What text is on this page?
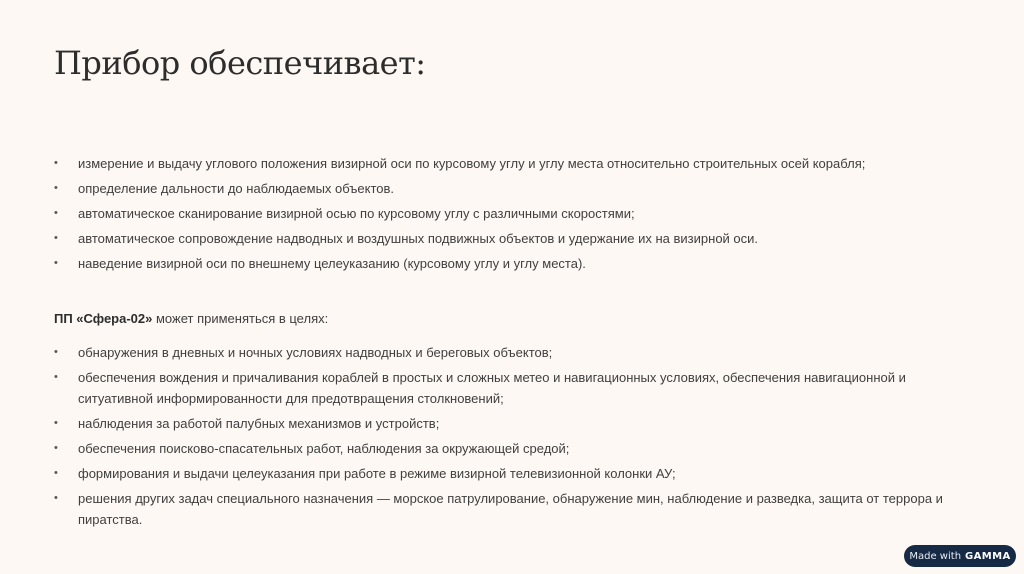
Прибор обеспечивает:
• измерение и выдачу углового положения визирной оси по курсовому углу и углу места относительно строительных осей корабля;
• определение дальности до наблюдаемых объектов.
• автоматическое сканирование визирной осью по курсовому углу с различными скоростями;
• автоматическое сопровождение надводных и воздушных подвижных объектов и удержание их на визирной оси.
• наведение визирной оси по внешнему целеуказанию (курсовому углу и углу места).

ПП «Сфера-02» может применяться в целях:

• обнаружения в дневных и ночных условиях надводных и береговых объектов;
• обеспечения вождения и причаливания кораблей в простых и сложных метео и навигационных условиях, обеспечения навигационной и ситуативной информированности для предотвращения столкновений;
• наблюдения за работой палубных механизмов и устройств;
• обеспечения поисково-спасательных работ, наблюдения за окружающей средой;
• формирования и выдачи целеуказания при работе в режиме визирной телевизионной колонки АУ;
• решения других задач специального назначения — морское патрулирование, обнаружение мин, наблюдение и разведка, защита от террора и пиратства.
Made with GAMMA
